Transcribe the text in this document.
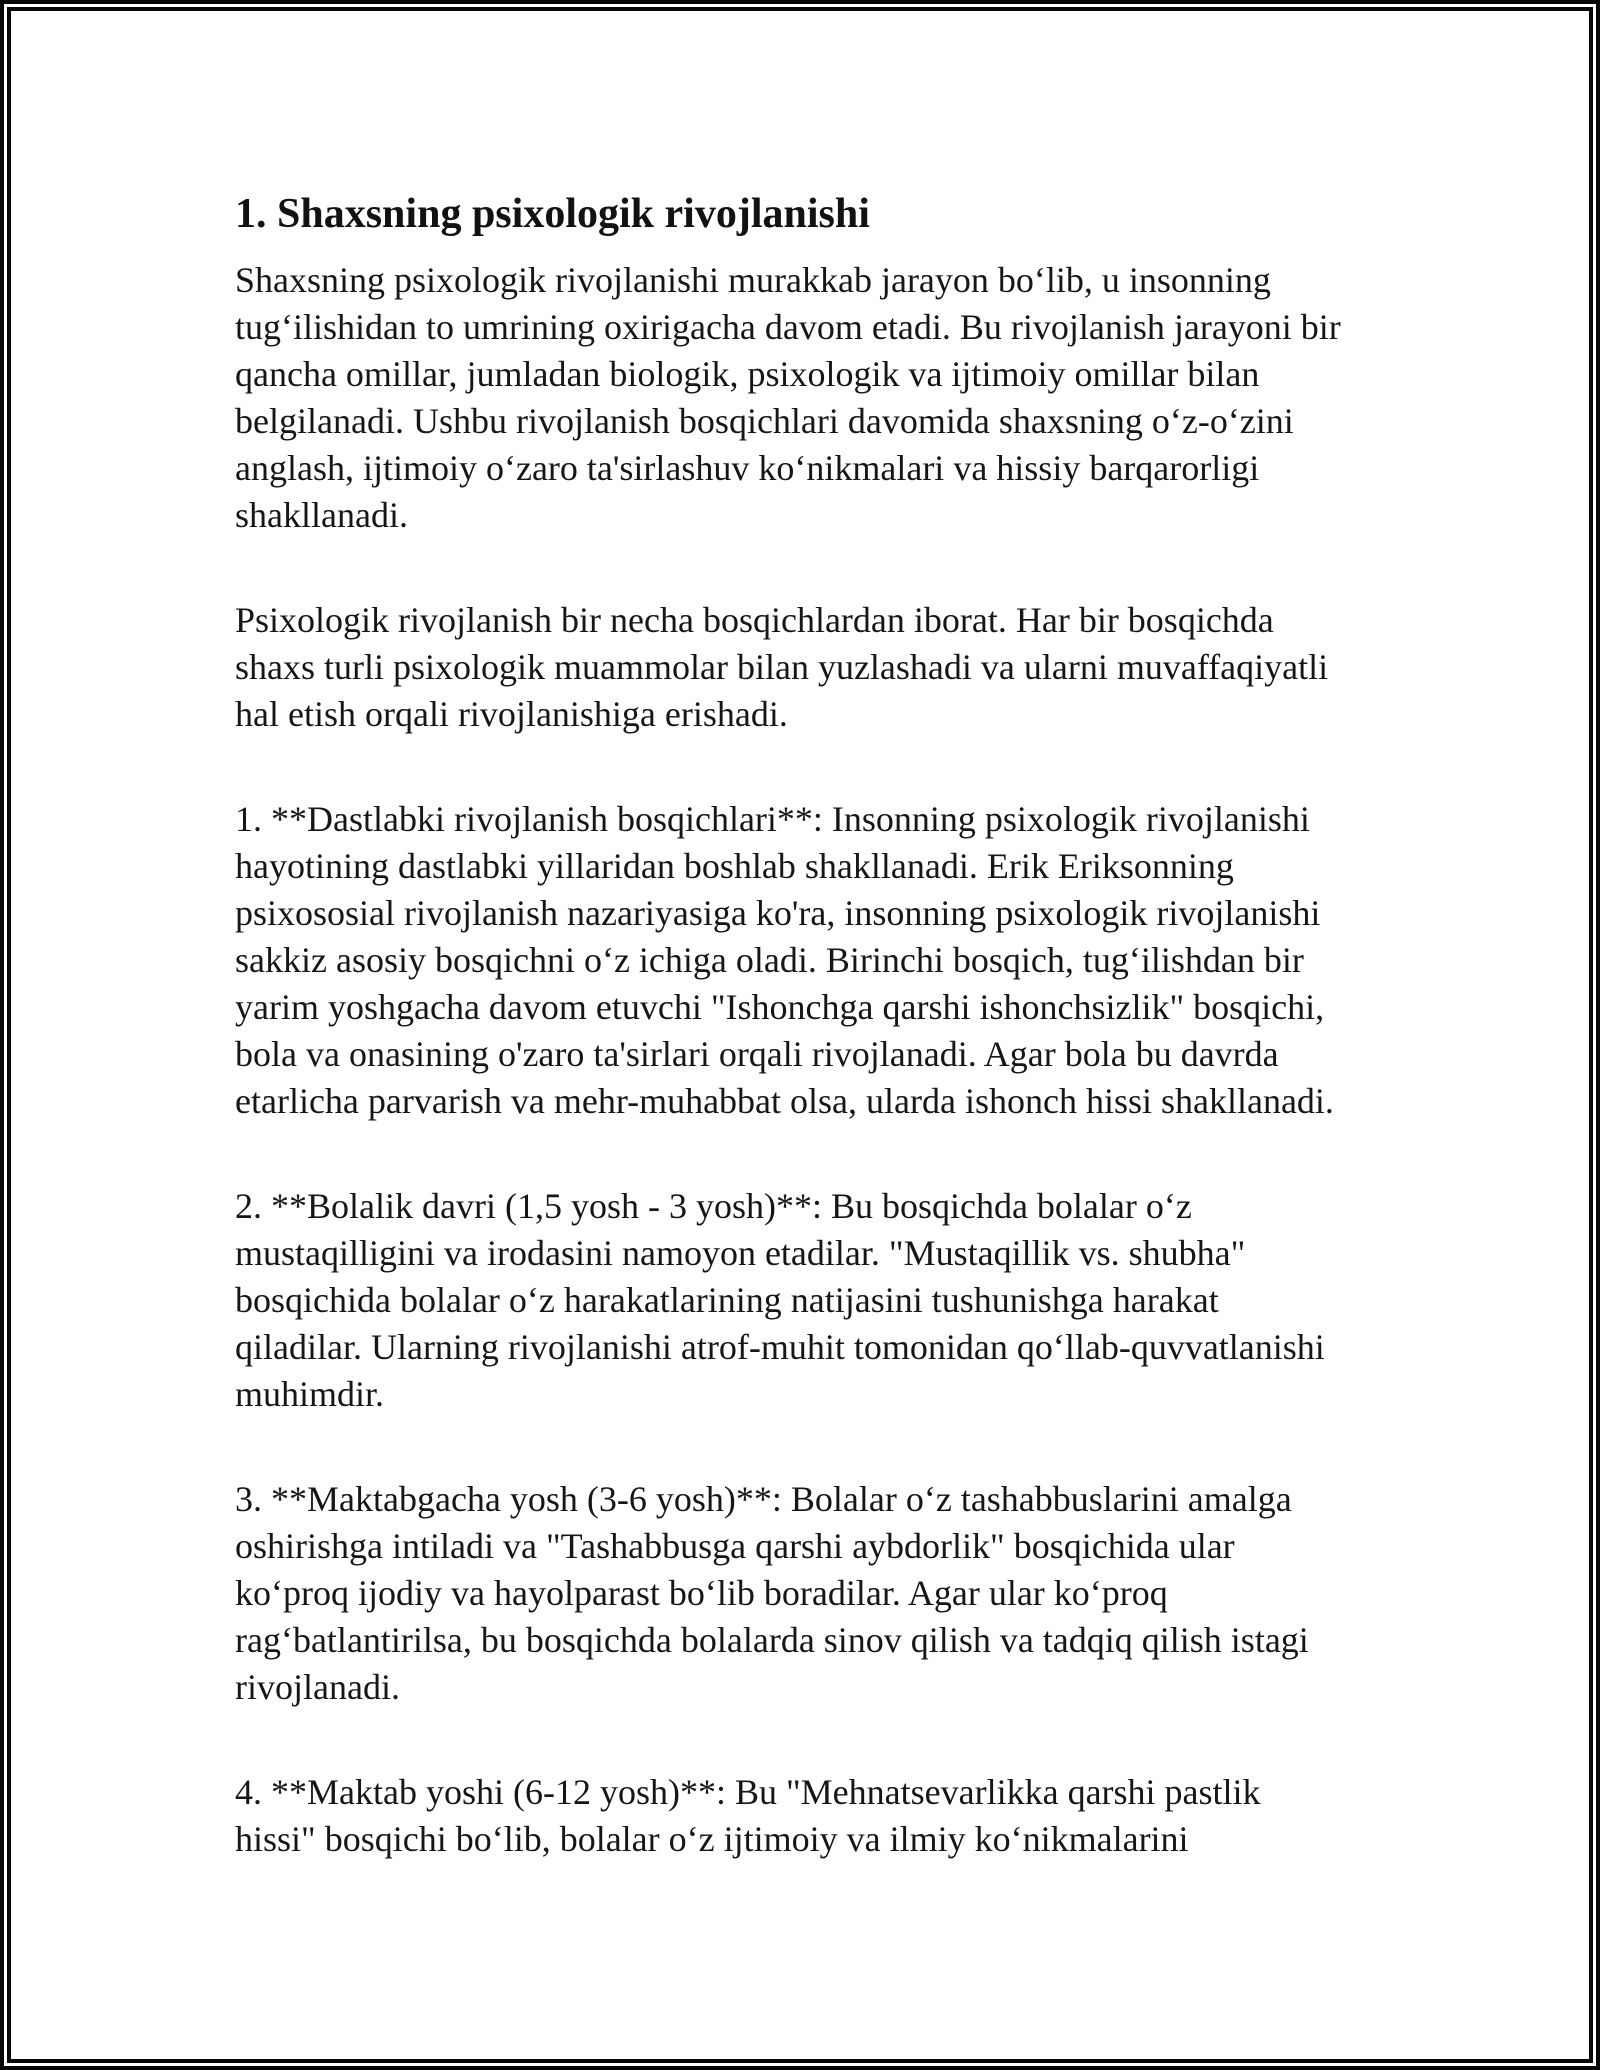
1. Shaxsning psixologik rivojlanishi

Shaxsning psixologik rivojlanishi murakkab jarayon boʻlib, u insonning
tugʻilishidan to umrining oxirigacha davom etadi. Bu rivojlanish jarayoni bir
qancha omillar, jumladan biologik, psixologik va ijtimoiy omillar bilan
belgilanadi. Ushbu rivojlanish bosqichlari davomida shaxsning oʻz-oʻzini
anglash, ijtimoiy oʻzaro ta'sirlashuv koʻnikmalari va hissiy barqarorligi
shakllanadi.

Psixologik rivojlanish bir necha bosqichlardan iborat. Har bir bosqichda
shaxs turli psixologik muammolar bilan yuzlashadi va ularni muvaffaqiyatli
hal etish orqali rivojlanishiga erishadi.

1. **Dastlabki rivojlanish bosqichlari**: Insonning psixologik rivojlanishi
hayotining dastlabki yillaridan boshlab shakllanadi. Erik Eriksonning
psixososial rivojlanish nazariyasiga ko'ra, insonning psixologik rivojlanishi
sakkiz asosiy bosqichni oʻz ichiga oladi. Birinchi bosqich, tugʻilishdan bir
yarim yoshgacha davom etuvchi "Ishonchga qarshi ishonchsizlik" bosqichi,
bola va onasining o'zaro ta'sirlari orqali rivojlanadi. Agar bola bu davrda
etarlicha parvarish va mehr-muhabbat olsa, ularda ishonch hissi shakllanadi.

2. **Bolalik davri (1,5 yosh - 3 yosh)**: Bu bosqichda bolalar oʻz
mustaqilligini va irodasini namoyon etadilar. "Mustaqillik vs. shubha"
bosqichida bolalar oʻz harakatlarining natijasini tushunishga harakat
qiladilar. Ularning rivojlanishi atrof-muhit tomonidan qoʻllab-quvvatlanishi
muhimdir.

3. **Maktabgacha yosh (3-6 yosh)**: Bolalar oʻz tashabbuslarini amalga
oshirishga intiladi va "Tashabbusga qarshi aybdorlik" bosqichida ular
koʻproq ijodiy va hayolparast boʻlib boradilar. Agar ular koʻproq
ragʻbatlantirilsa, bu bosqichda bolalarda sinov qilish va tadqiq qilish istagi
rivojlanadi.

4. **Maktab yoshi (6-12 yosh)**: Bu "Mehnatsevarlikka qarshi pastlik
hissi" bosqichi boʻlib, bolalar oʻz ijtimoiy va ilmiy koʻnikmalarini
